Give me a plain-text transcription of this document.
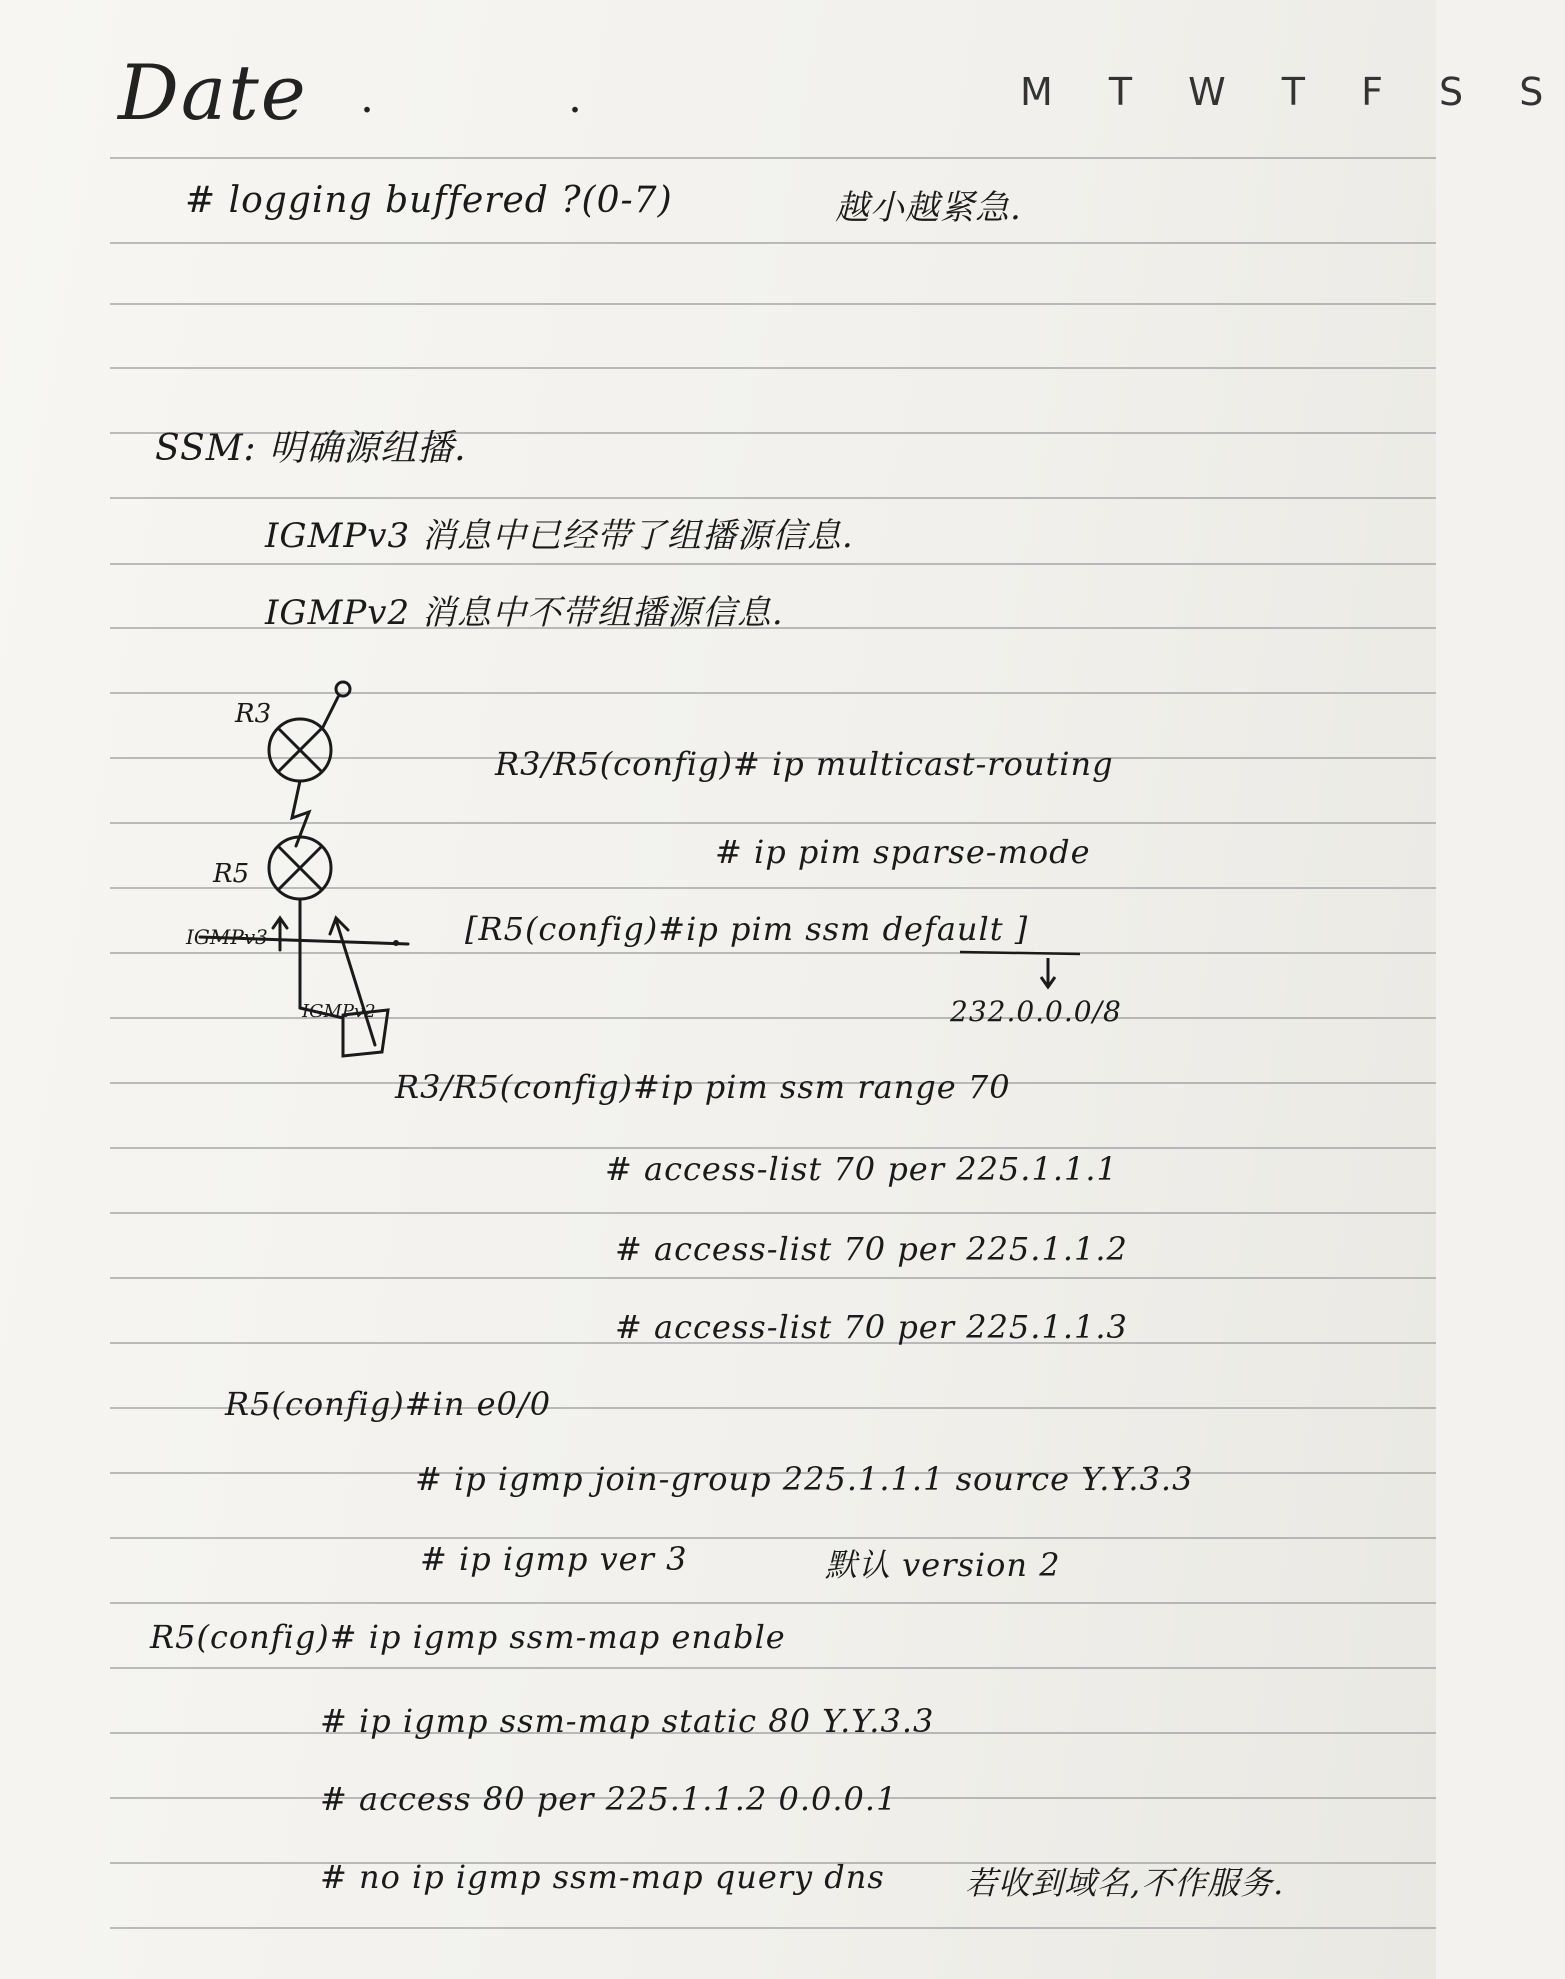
Date . .	M T W T F S S
# logging buffered ?(0-7)	越小越紧急.
SSM: 明确源组播.
IGMPv3 消息中已经带了组播源信息.
IGMPv2 消息中不带组播源信息.
R3/R5(config)# ip multicast-routing
# ip pim sparse-mode
[R5(config)#ip pim ssm default ]
232.0.0.0/8
R3/R5(config)#ip pim ssm range 70
# access-list 70 per 225.1.1.1
# access-list 70 per 225.1.1.2
# access-list 70 per 225.1.1.3
R5(config)#in e0/0
# ip igmp join-group 225.1.1.1 source Y.Y.3.3
# ip igmp ver 3	默认 version 2
R5(config)# ip igmp ssm-map enable
# ip igmp ssm-map static 80 Y.Y.3.3
# access 80 per 225.1.1.2 0.0.0.1
# no ip igmp ssm-map query dns	若收到域名,不作服务.
R3
R5
IGMPv3
IGMPv2
